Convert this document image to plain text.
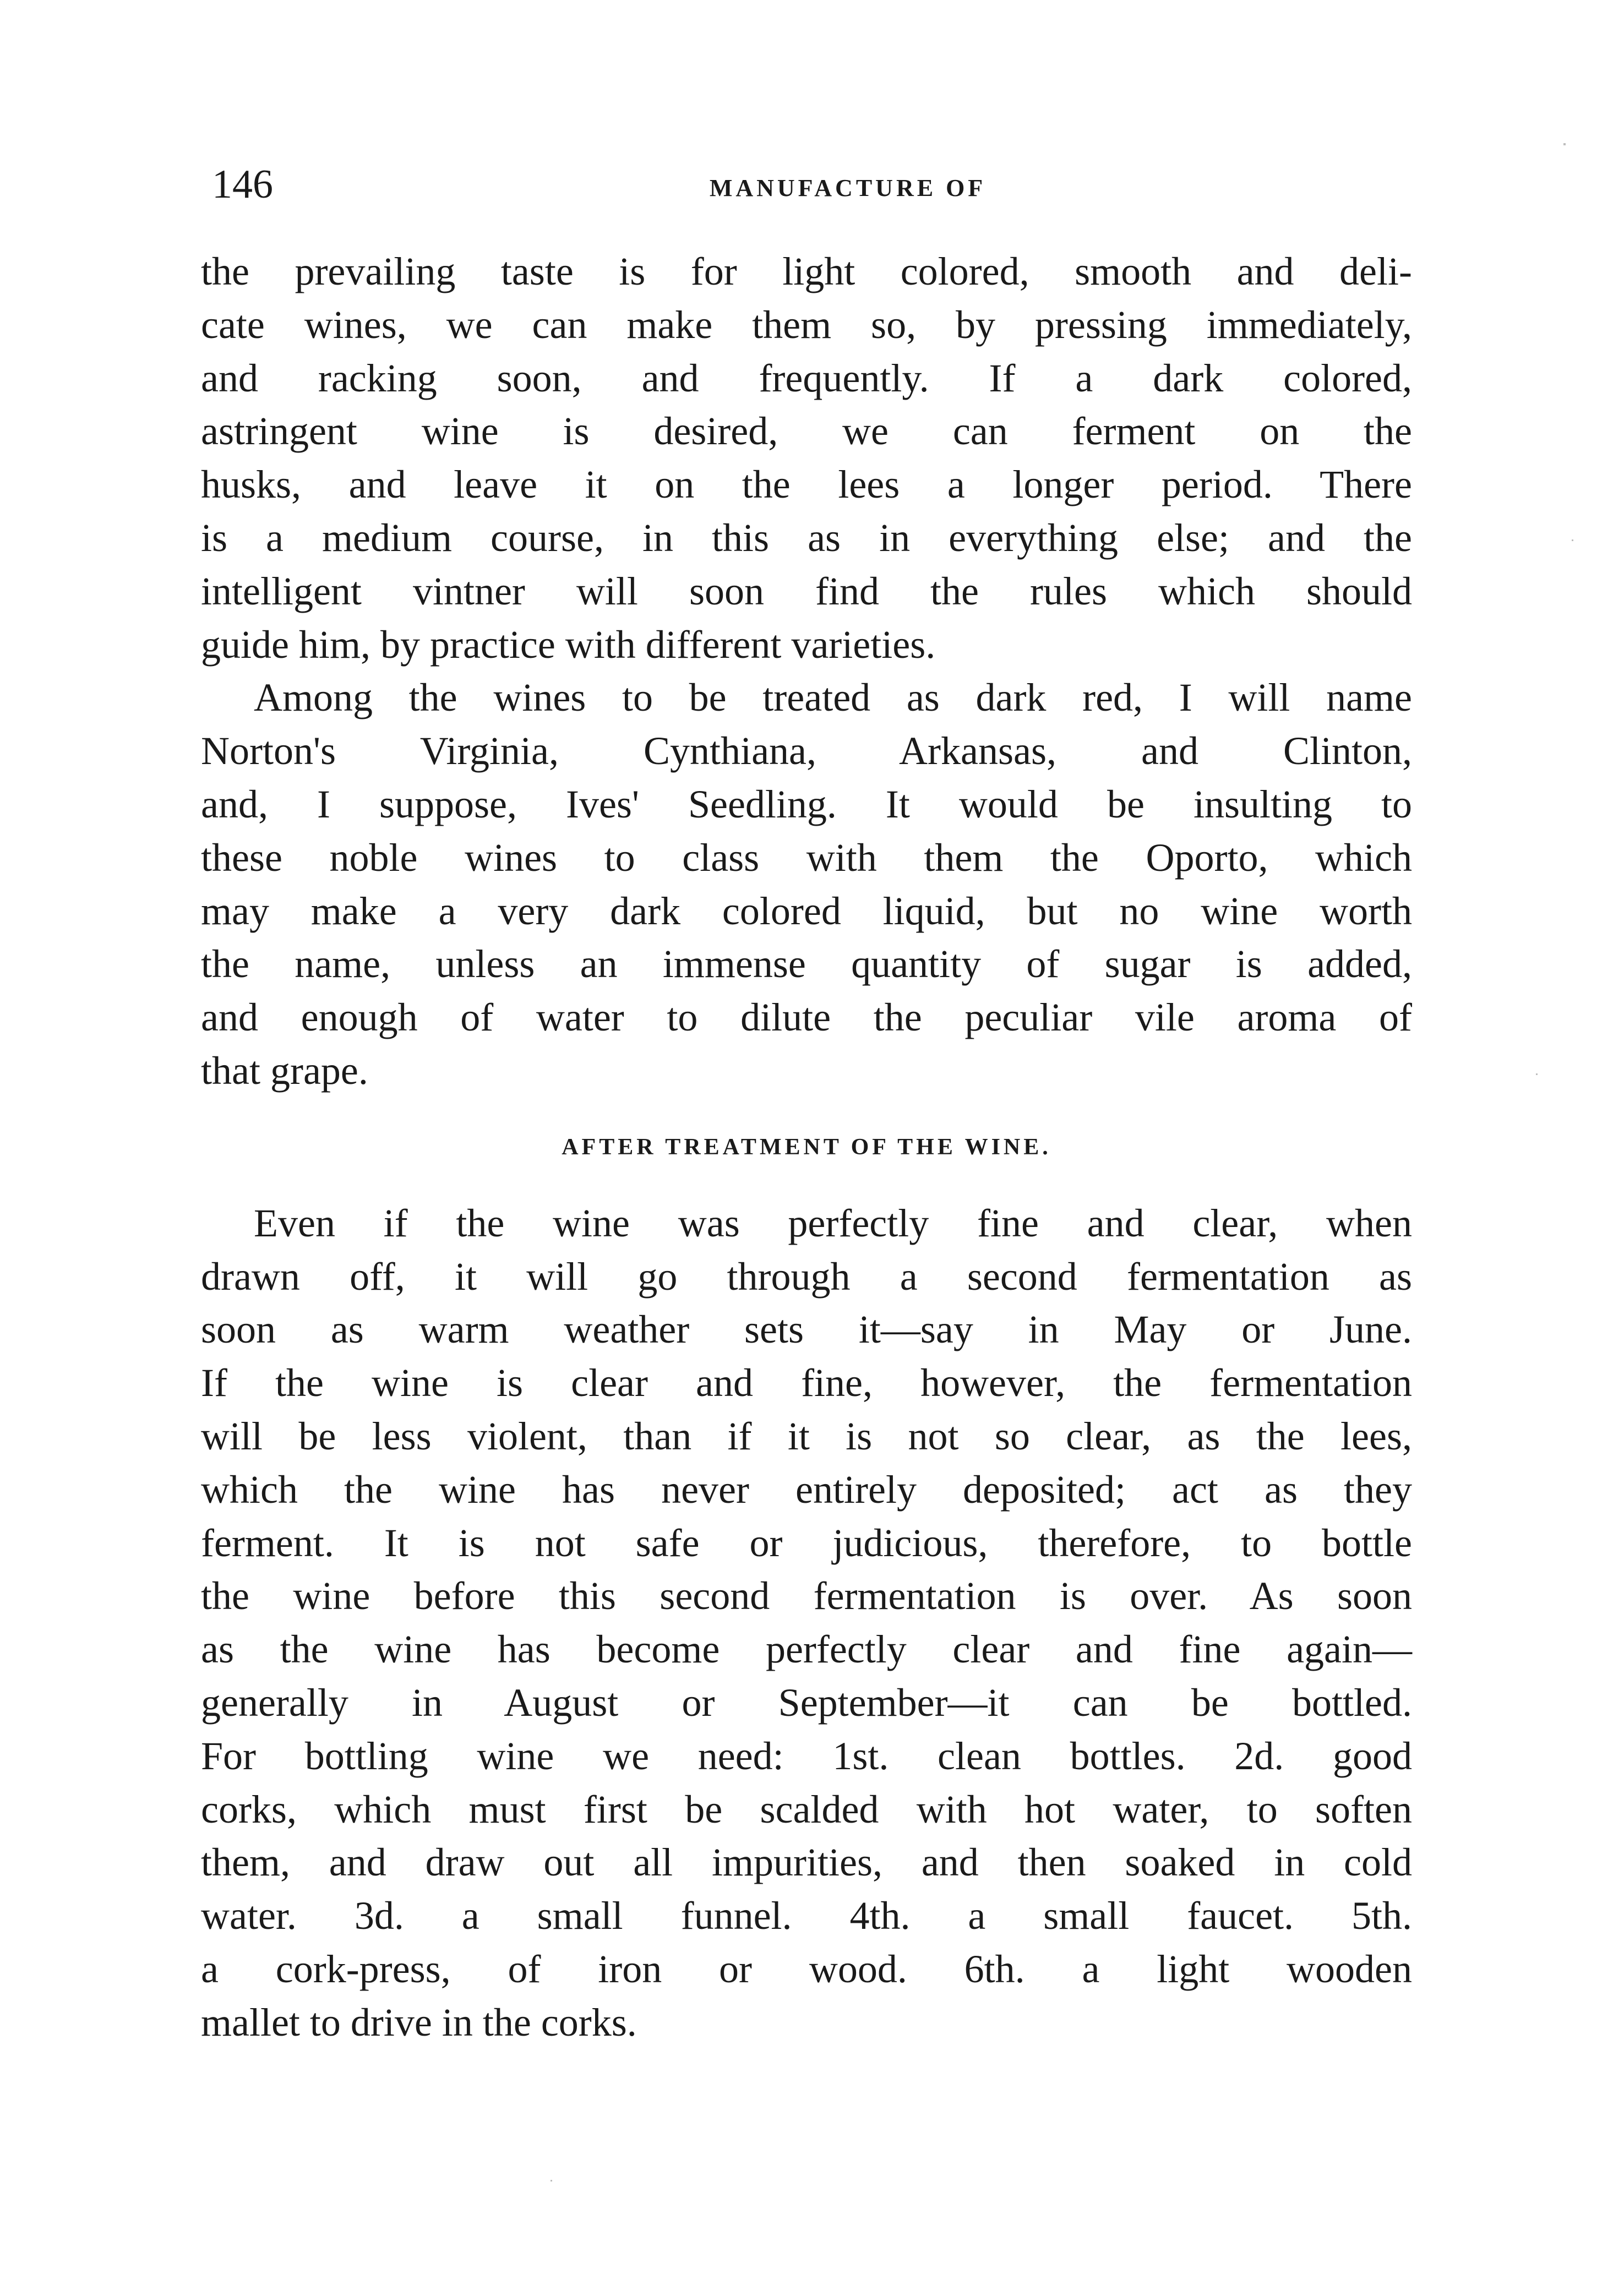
146	MANUFACTURE OF
the prevailing taste is for light colored, smooth and deli-
cate wines, we can make them so, by pressing immediately,
and racking soon, and frequently. If a dark colored,
astringent wine is desired, we can ferment on the
husks, and leave it on the lees a longer period. There
is a medium course, in this as in everything else; and the
intelligent vintner will soon find the rules which should
guide him, by practice with different varieties.
Among the wines to be treated as dark red, I will name
Norton's Virginia, Cynthiana, Arkansas, and Clinton,
and, I suppose, Ives' Seedling. It would be insulting to
these noble wines to class with them the Oporto, which
may make a very dark colored liquid, but no wine worth
the name, unless an immense quantity of sugar is added,
and enough of water to dilute the peculiar vile aroma of
that grape.
AFTER TREATMENT OF THE WINE.
Even if the wine was perfectly fine and clear, when
drawn off, it will go through a second fermentation as
soon as warm weather sets it—say in May or June.
If the wine is clear and fine, however, the fermentation
will be less violent, than if it is not so clear, as the lees,
which the wine has never entirely deposited; act as they
ferment. It is not safe or judicious, therefore, to bottle
the wine before this second fermentation is over. As soon
as the wine has become perfectly clear and fine again—
generally in August or September—it can be bottled.
For bottling wine we need: 1st. clean bottles. 2d. good
corks, which must first be scalded with hot water, to soften
them, and draw out all impurities, and then soaked in cold
water. 3d. a small funnel. 4th. a small faucet. 5th.
a cork-press, of iron or wood. 6th. a light wooden
mallet to drive in the corks.
